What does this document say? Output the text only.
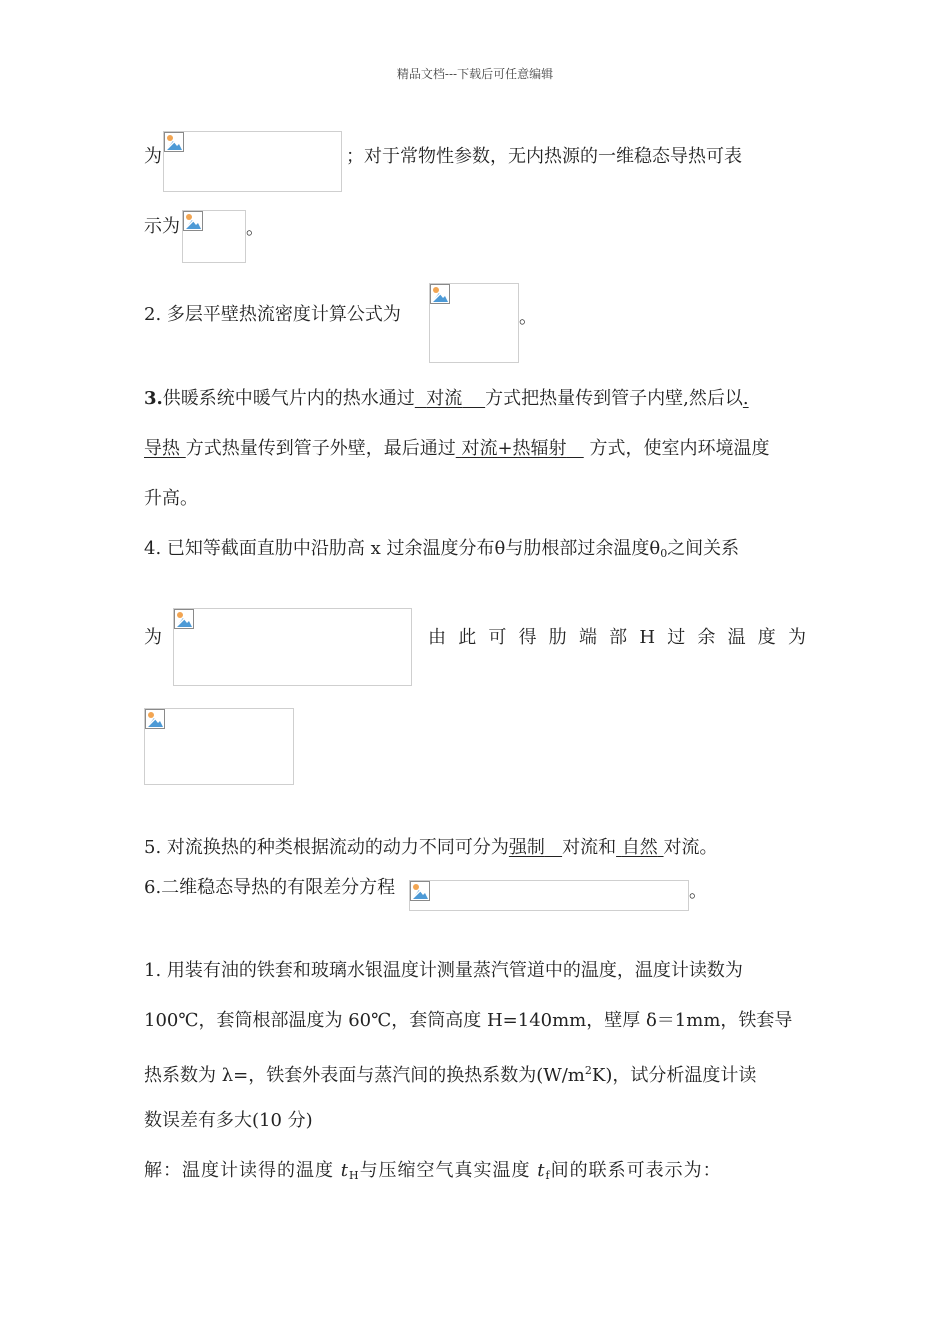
精品文档---下载后可任意编辑
为	；对于常物性参数，无内热源的一维稳态导热可表
示为	。
2. 多层平壁热流密度计算公式为	。
3.供暖系统中暖气片内的热水通过 对流 方式把热量传到管子内壁,然后以.
导热 方式热量传到管子外壁，最后通过 对流+热辐射 方式，使室内环境温度
升高。
4. 已知等截面直肋中沿肋高 x 过余温度分布θ与肋根部过余温度$\theta_0$之间关系
为	由 此 可 得 肋 端 部 H 过 余 温 度 为
5. 对流换热的种类根据流动的动力不同可分为强制 对流和 自然 对流。
6.二维稳态导热的有限差分方程	。
1. 用装有油的铁套和玻璃水银温度计测量蒸汽管道中的温度，温度计读数为
100℃，套筒根部温度为 60℃，套筒高度 H=140mm，壁厚 δ＝1mm，铁套导
热系数为 λ=，铁套外表面与蒸汽间的换热系数为$(W/m^2K)$，试分析温度计读
数误差有多大(10 分)
解：温度计读得的温度 $t_H$与压缩空气真实温度 $t_f$间的联系可表示为：
